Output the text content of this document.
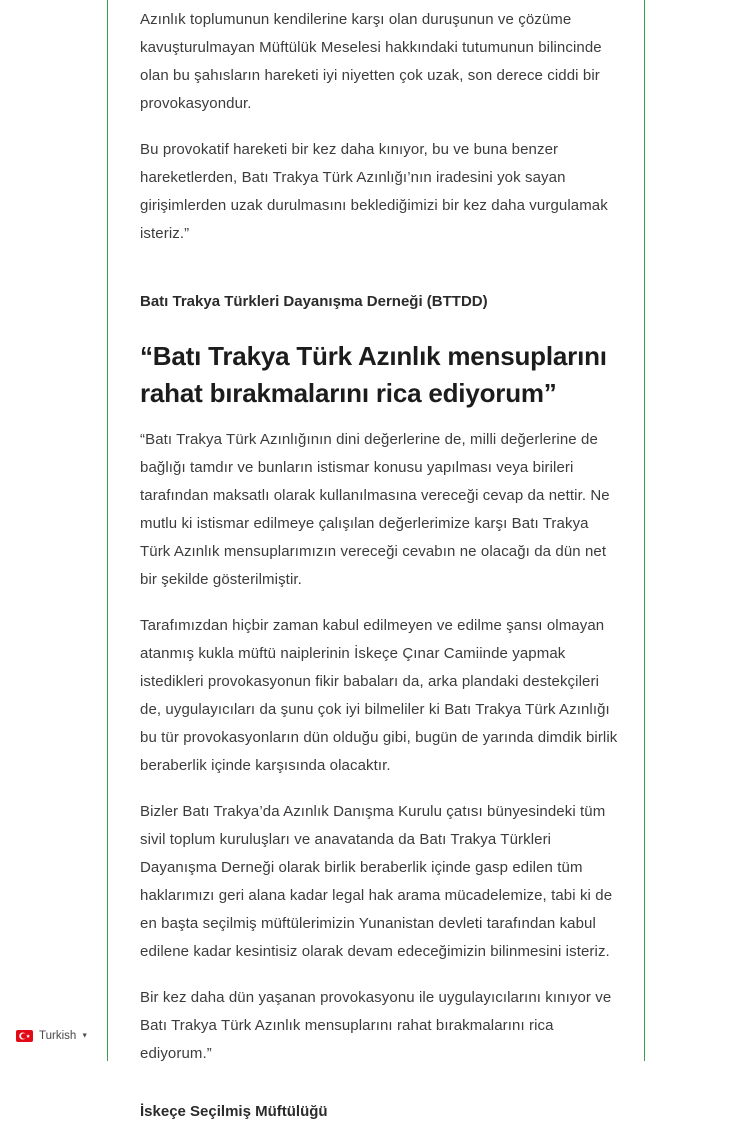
Azınlık toplumunun kendilerine karşı olan duruşunun ve çözüme kavuşturulmayan Müftülük Meselesi hakkındaki tutumunun bilincinde olan bu şahısların hareketi iyi niyetten çok uzak, son derece ciddi bir provokasyondur.

Bu provokatif hareketi bir kez daha kınıyor, bu ve buna benzer hareketlerden, Batı Trakya Türk Azınlığı’nın iradesini yok sayan girişimlerden uzak durulmasını beklediğimizi bir kez daha vurgulamak isteriz.”

Batı Trakya Türkleri Dayanışma Derneği (BTTDD)
“Batı Trakya Türk Azınlık mensuplarını rahat bırakmalarını rica ediyorum”

“Batı Trakya Türk Azınlığının dini değerlerine de, milli değerlerine de bağlığı tamdır ve bunların istismar konusu yapılması veya birileri tarafından maksatlı olarak kullanılmasına vereceği cevap da nettir. Ne mutlu ki istismar edilmeye çalışılan değerlerimize karşı Batı Trakya Türk Azınlık mensuplarımızın vereceği cevabın ne olacağı da dün net bir şekilde gösterilmiştir.

Tarafımızdan hiçbir zaman kabul edilmeyen ve edilme şansı olmayan atanmış kukla müftü naiplerinin İskeçe Çınar Camiinde yapmak istedikleri provokasyonun fikir babaları da, arka plandaki destekçileri de, uygulayıcıları da şunu çok iyi bilmeliler ki Batı Trakya Türk Azınlığı bu tür provokasyonların dün olduğu gibi, bugün de yarında dimdik birlik beraberlik içinde karşısında olacaktır.

Bizler Batı Trakya’da Azınlık Danışma Kurulu çatısı bünyesindeki tüm sivil toplum kuruluşları ve anavatanda da Batı Trakya Türkleri Dayanışma Derneği olarak birlik beraberlik içinde gasp edilen tüm haklarımızı geri alana kadar legal hak arama mücadelemize, tabi ki de en başta seçilmiş müftülerimizin Yunanistan devleti tarafından kabul edilene kadar kesintisiz olarak devam edeceğimizin bilinmesini isteriz.

Bir kez daha dün yaşanan provokasyonu ile uygulayıcılarını kınıyor ve Batı Trakya Türk Azınlık mensuplarını rahat bırakmalarını rica ediyorum.”

İskeçe Seçilmiş Müftülüğü
Turkish ▼
